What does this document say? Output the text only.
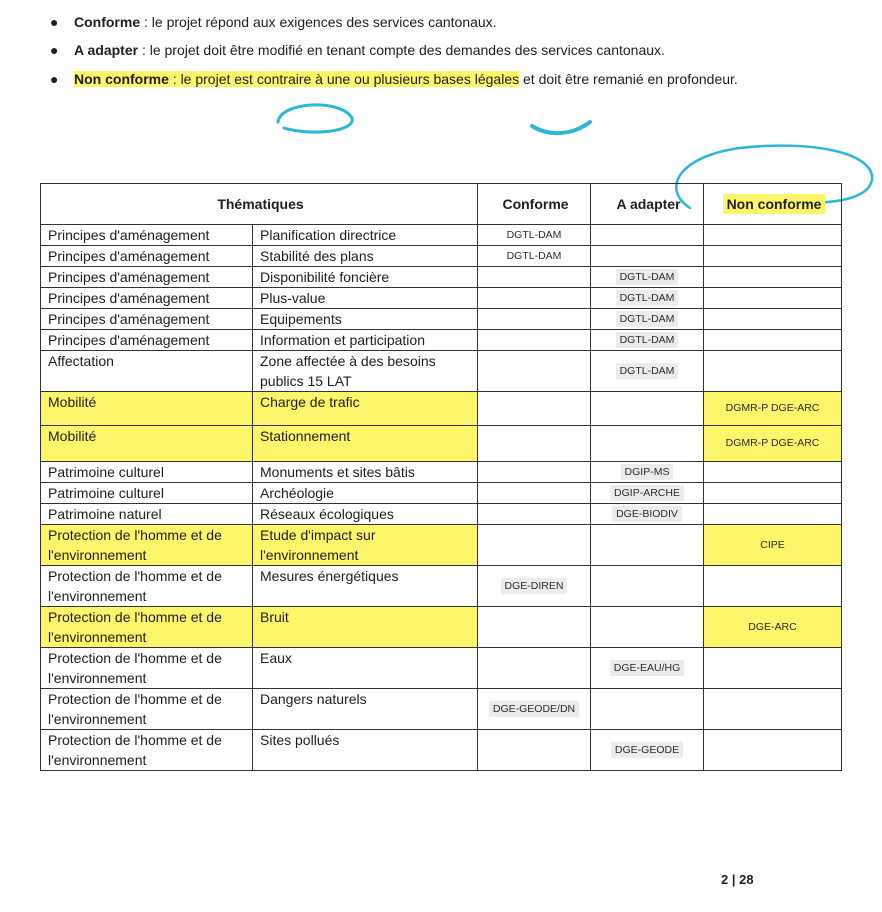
● Conforme : le projet répond aux exigences des services cantonaux.
● A adapter : le projet doit être modifié en tenant compte des demandes des services cantonaux.
● Non conforme : le projet est contraire à une ou plusieurs bases légales et doit être remanié en profondeur.
Thématiques		Conforme	A adapter	Non conforme
Principes d'aménagement	Planification directrice	DGTL-DAM		
Principes d'aménagement	Stabilité des plans	DGTL-DAM		
Principes d'aménagement	Disponibilité foncière		DGTL-DAM	
Principes d'aménagement	Plus-value		DGTL-DAM	
Principes d'aménagement	Equipements		DGTL-DAM	
Principes d'aménagement	Information et participation		DGTL-DAM	
Affectation	Zone affectée à des besoins publics 15 LAT		DGTL-DAM	
Mobilité	Charge de trafic			DGMR-P DGE-ARC
Mobilité	Stationnement			DGMR-P DGE-ARC
Patrimoine culturel	Monuments et sites bâtis		DGIP-MS	
Patrimoine culturel	Archéologie		DGIP-ARCHE	
Patrimoine naturel	Réseaux écologiques		DGE-BIODIV	
Protection de l'homme et de l'environnement	Etude d'impact sur l'environnement			CIPE
Protection de l'homme et de l'environnement	Mesures énergétiques	DGE-DIREN		
Protection de l'homme et de l'environnement	Bruit			DGE-ARC
Protection de l'homme et de l'environnement	Eaux		DGE-EAU/HG	
Protection de l'homme et de l'environnement	Dangers naturels	DGE-GEODE/DN		
Protection de l'homme et de l'environnement	Sites pollués		DGE-GEODE	
2 | 28
